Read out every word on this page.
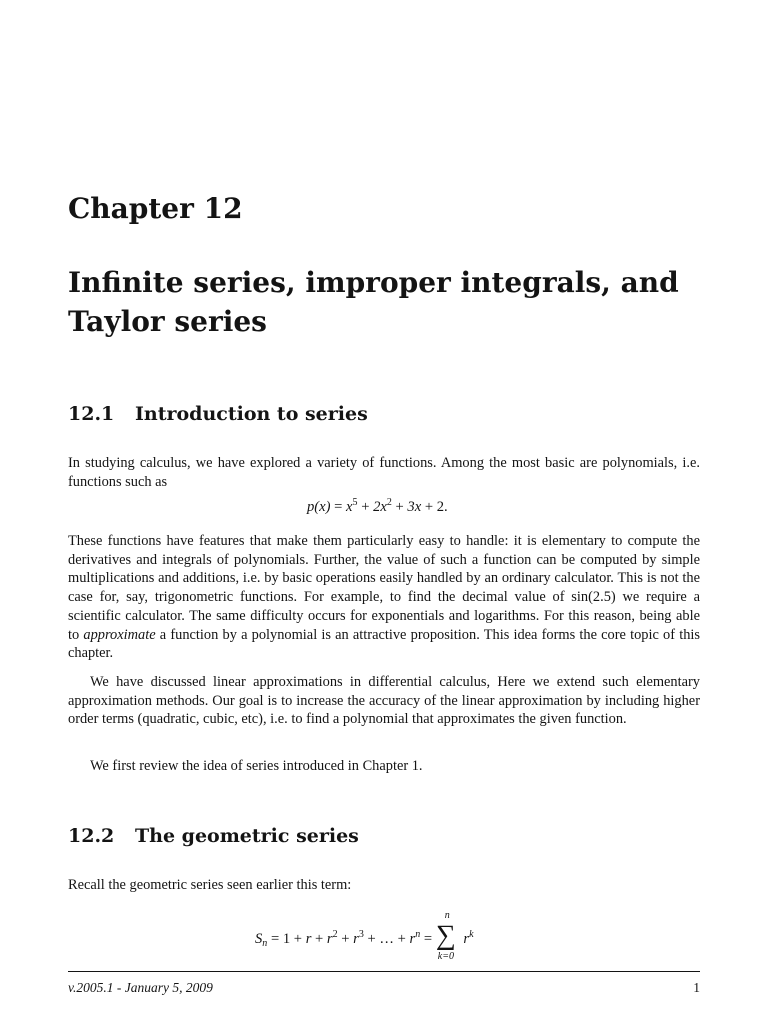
Chapter 12
Infinite series, improper integrals, and Taylor series
12.1 Introduction to series

In studying calculus, we have explored a variety of functions. Among the most basic are polynomials, i.e. functions such as

$p(x) = x^5 + 2x^2 + 3x + 2$.

These functions have features that make them particularly easy to handle: it is elementary to compute the derivatives and integrals of polynomials. Further, the value of such a function can be computed by simple multiplications and additions, i.e. by basic operations easily handled by an ordinary calculator. This is not the case for, say, trigonometric functions. For example, to find the decimal value of sin(2.5) we require a scientific calculator. The same difficulty occurs for exponentials and logarithms. For this reason, being able to approximate a function by a polynomial is an attractive proposition. This idea forms the core topic of this chapter.

We have discussed linear approximations in differential calculus, Here we extend such elementary approximation methods. Our goal is to increase the accuracy of the linear approximation by including higher order terms (quadratic, cubic, etc), i.e. to find a polynomial that approximates the given function.

We first review the idea of series introduced in Chapter 1.

12.2 The geometric series

Recall the geometric series seen earlier this term:

$S_n = 1 + r + r^2 + r^3$ + … + $r^n$ =
n
∑
k=0
$r^k$

v.2005.1 - January 5, 2009	1
